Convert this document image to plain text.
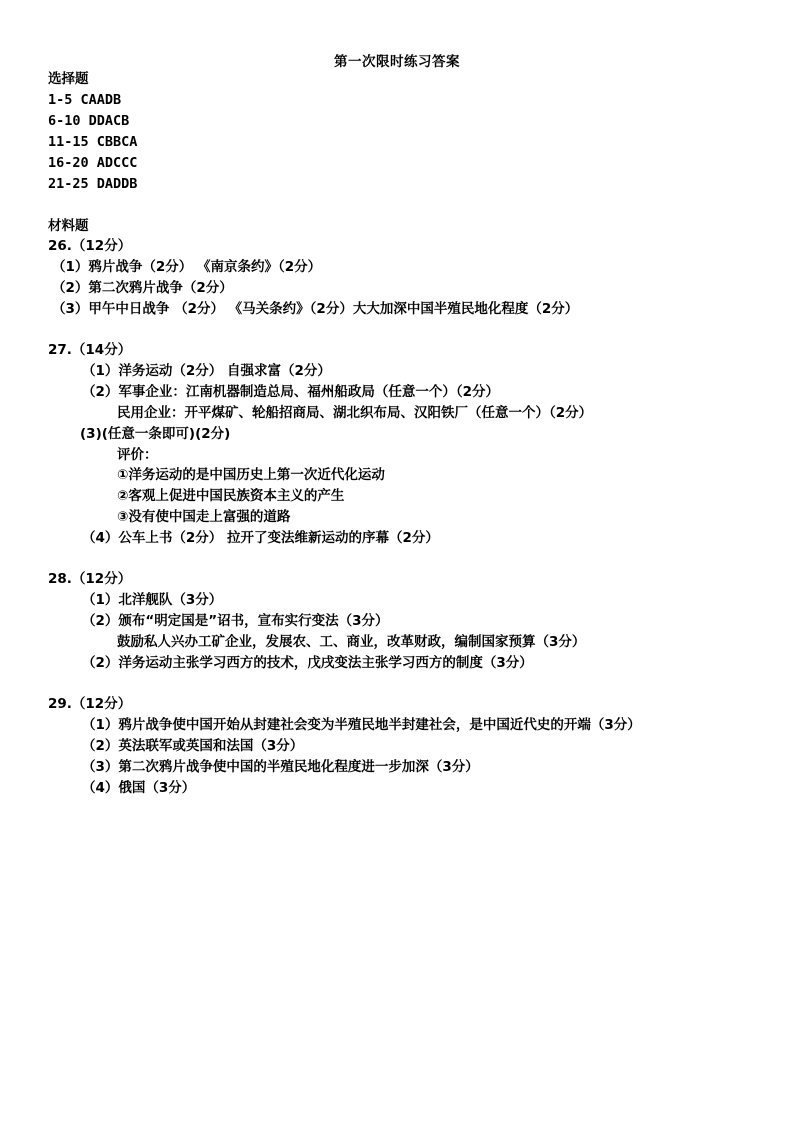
第一次限时练习答案
选择题
1-5 CAADB
6-10 DDACB
11-15 CBBCA
16-20 ADCCC
21-25 DADDB
材料题
26.（12分）
（1）鸦片战争（2分） 《南京条约》（2分）
（2）第二次鸦片战争（2分）
（3）甲午中日战争 （2分） 《马关条约》（2分）大大加深中国半殖民地化程度（2分）
27.（14分）
（1）洋务运动（2分） 自强求富（2分）
（2）军事企业：江南机器制造总局、福州船政局（任意一个）（2分）
民用企业：开平煤矿、轮船招商局、湖北织布局、汉阳铁厂（任意一个）（2分）
(3)(任意一条即可)(2分)
评价：
①洋务运动的是中国历史上第一次近代化运动
②客观上促进中国民族资本主义的产生
③没有使中国走上富强的道路
（4）公车上书（2分） 拉开了变法维新运动的序幕（2分）
28.（12分）
（1）北洋舰队（3分）
（2）颁布“明定国是”诏书，宣布实行变法（3分）
鼓励私人兴办工矿企业，发展农、工、商业，改革财政，编制国家预算（3分）
（2）洋务运动主张学习西方的技术，戊戌变法主张学习西方的制度（3分）
29.（12分）
（1）鸦片战争使中国开始从封建社会变为半殖民地半封建社会，是中国近代史的开端（3分）
（2）英法联军或英国和法国（3分）
（3）第二次鸦片战争使中国的半殖民地化程度进一步加深（3分）
（4）俄国（3分）
